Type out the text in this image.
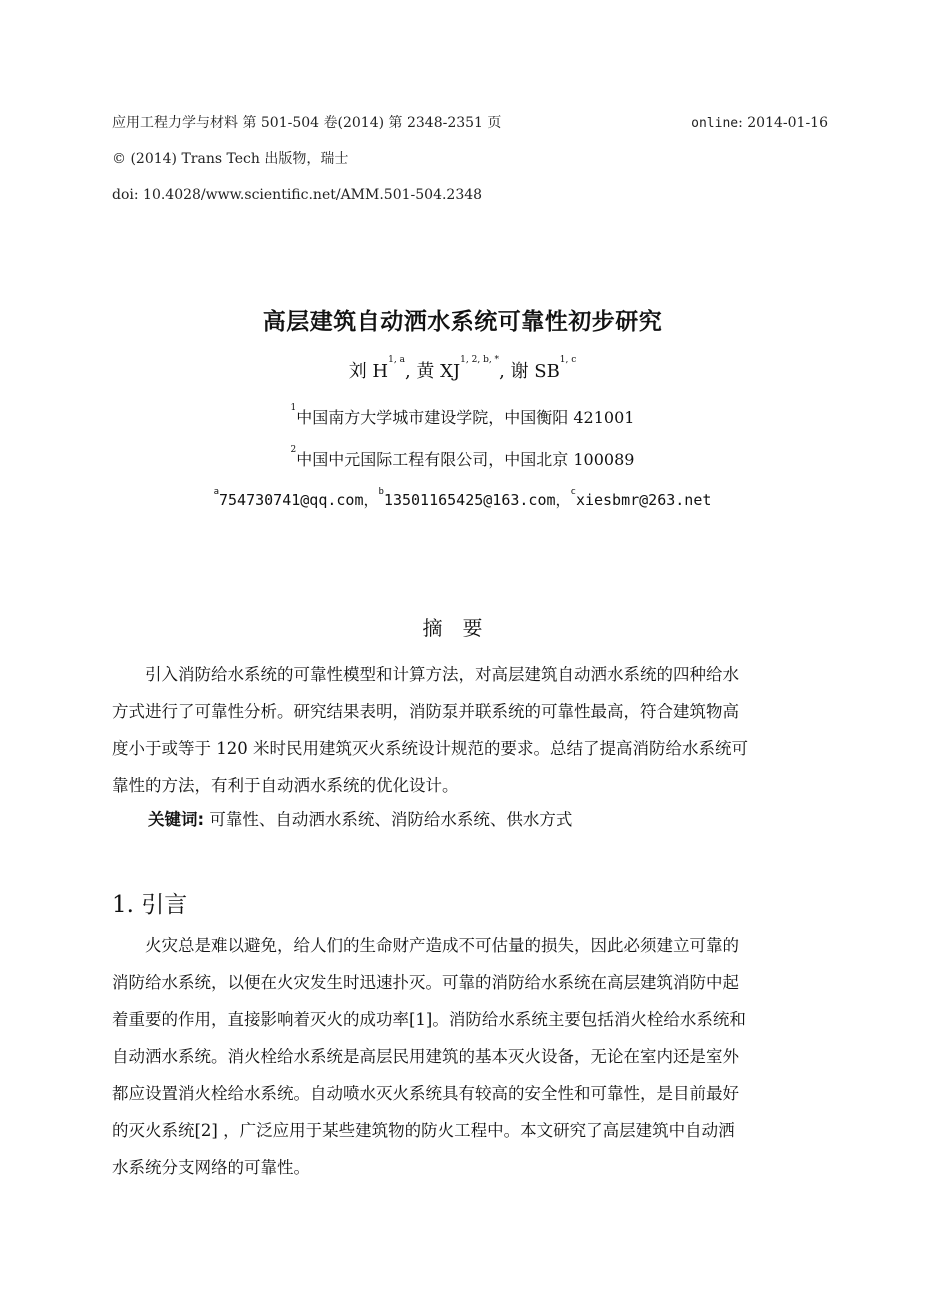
应用工程力学与材料 第 501-504 卷(2014) 第 2348-2351 页	online: 2014-01-16
© (2014) Trans Tech 出版物，瑞士
doi: 10.4028/www.scientific.net/AMM.501-504.2348
高层建筑自动洒水系统可靠性初步研究
刘 H$^{1, a}$, 黄 $XJ^{1, 2, b, *}$, 谢 SB$^{1, c}$
$^1$中国南方大学城市建设学院，中国衡阳 421001
$^2$中国中元国际工程有限公司，中国北京 100089
$^a$754730741@qq.com，$^b$13501165425@163.com，$^c$xiesbmr@263.net
摘要
　　引入消防给水系统的可靠性模型和计算方法，对高层建筑自动洒水系统的四种给水
方式进行了可靠性分析。研究结果表明，消防泵并联系统的可靠性最高，符合建筑物高
度小于或等于 120 米时民用建筑灭火系统设计规范的要求。总结了提高消防给水系统可
靠性的方法，有利于自动洒水系统的优化设计。
关键词: 可靠性、自动洒水系统、消防给水系统、供水方式
1. 引言
　　火灾总是难以避免，给人们的生命财产造成不可估量的损失，因此必须建立可靠的
消防给水系统，以便在火灾发生时迅速扑灭。可靠的消防给水系统在高层建筑消防中起
着重要的作用，直接影响着灭火的成功率[1]。消防给水系统主要包括消火栓给水系统和
自动洒水系统。消火栓给水系统是高层民用建筑的基本灭火设备，无论在室内还是室外
都应设置消火栓给水系统。自动喷水灭火系统具有较高的安全性和可靠性，是目前最好
的灭火系统[2] ，广泛应用于某些建筑物的防火工程中。本文研究了高层建筑中自动洒
水系统分支网络的可靠性。
